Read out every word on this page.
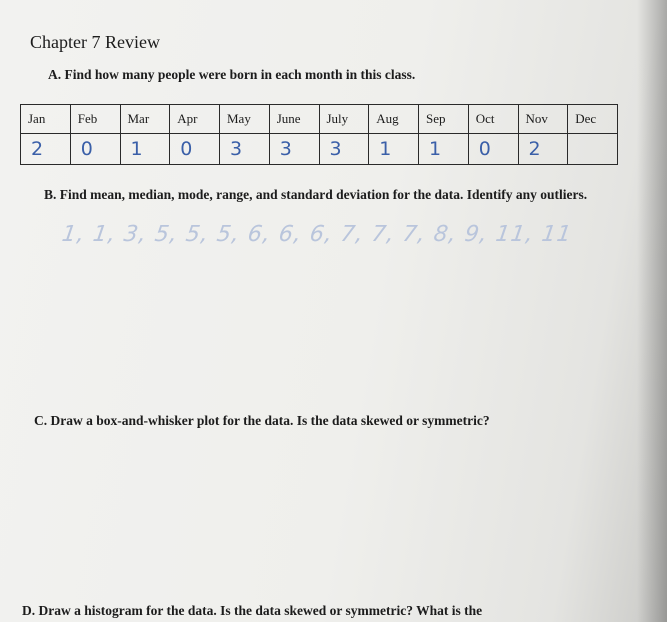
Chapter 7 Review
A. Find how many people were born in each month in this class.
Jan	Feb	Mar	Apr	May	June	July	Aug	Sep	Oct	Nov	Dec
2	0	1	0	3	3	3	1	1	0	2	
B. Find mean, median, mode, range, and standard deviation for the data. Identify any outliers.
1, 1, 3, 5, 5, 5, 6, 6, 6, 7, 7, 7, 8, 9, 11, 11
C. Draw a box-and-whisker plot for the data. Is the data skewed or symmetric?
D. Draw a histogram for the data. Is the data skewed or symmetric? What is the
